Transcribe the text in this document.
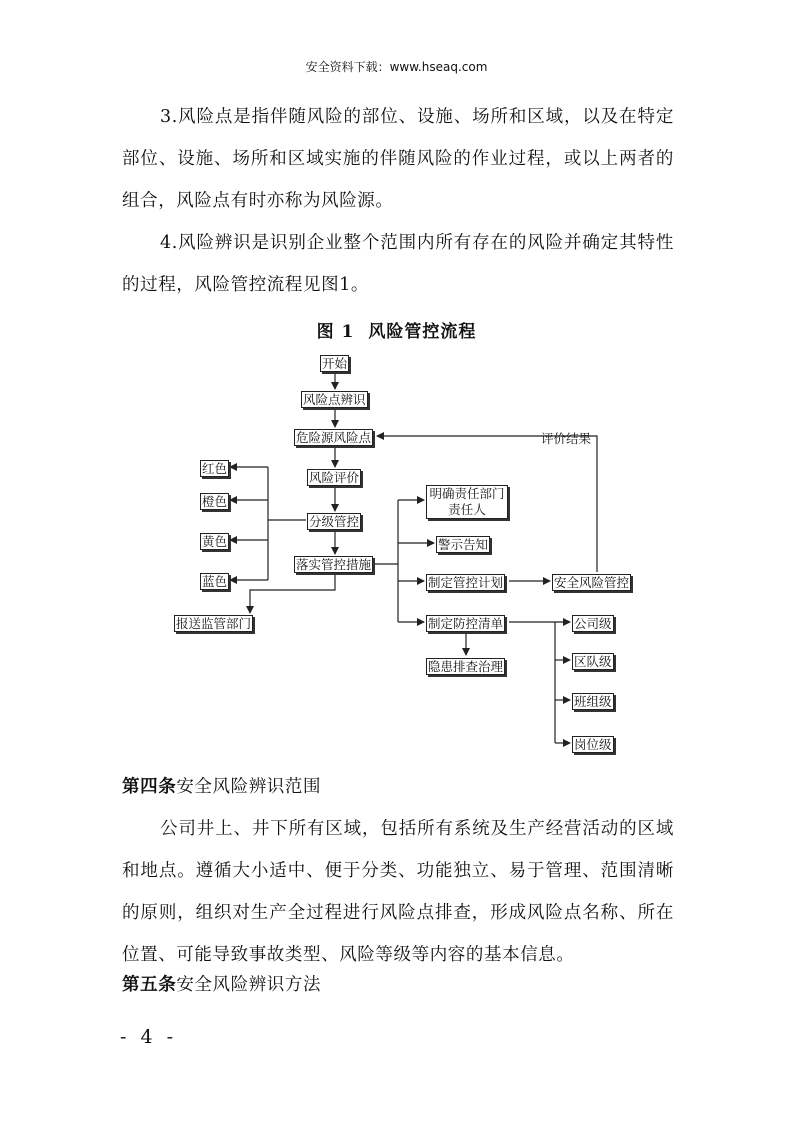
安全资料下载：www.hseaq.com

3.风险点是指伴随风险的部位、设施、场所和区域，以及在特定部位、设施、场所和区域实施的伴随风险的作业过程，或以上两者的组合，风险点有时亦称为风险源。

4.风险辨识是识别企业整个范围内所有存在的风险并确定其特性的过程，风险管控流程见图1。

图 1 风险管控流程
开始
风险点辨识
危险源风险点
风险评价
分级管控
落实管控措施
红色
橙色
黄色
蓝色
报送监管部门
明确责任部门责任人
警示告知
制定管控计划	安全风险管控
制定防控清单
隐患排查治理
公司级
区队级
班组级
岗位级
评价结果

第四条安全风险辨识范围

公司井上、井下所有区域，包括所有系统及生产经营活动的区域和地点。遵循大小适中、便于分类、功能独立、易于管理、范围清晰的原则，组织对生产全过程进行风险点排查，形成风险点名称、所在位置、可能导致事故类型、风险等级等内容的基本信息。

第五条安全风险辨识方法

- 4 -
